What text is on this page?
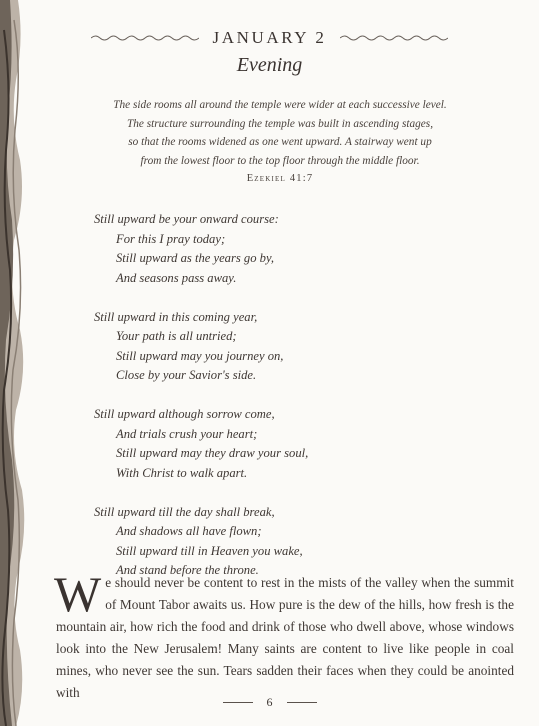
JANUARY 2
Evening
The side rooms all around the temple were wider at each successive level.
The structure surrounding the temple was built in ascending stages,
so that the rooms widened as one went upward. A stairway went up
from the lowest floor to the top floor through the middle floor.
Ezekiel 41:7
Still upward be your onward course:
For this I pray today;
Still upward as the years go by,
And seasons pass away.
Still upward in this coming year,
Your path is all untried;
Still upward may you journey on,
Close by your Savior's side.
Still upward although sorrow come,
And trials crush your heart;
Still upward may they draw your soul,
With Christ to walk apart.
Still upward till the day shall break,
And shadows all have flown;
Still upward till in Heaven you wake,
And stand before the throne.
We should never be content to rest in the mists of the valley when the summit of Mount Tabor awaits us. How pure is the dew of the hills, how fresh is the mountain air, how rich the food and drink of those who dwell above, whose windows look into the New Jerusalem! Many saints are content to live like people in coal mines, who never see the sun. Tears sadden their faces when they could be anointed with
6
